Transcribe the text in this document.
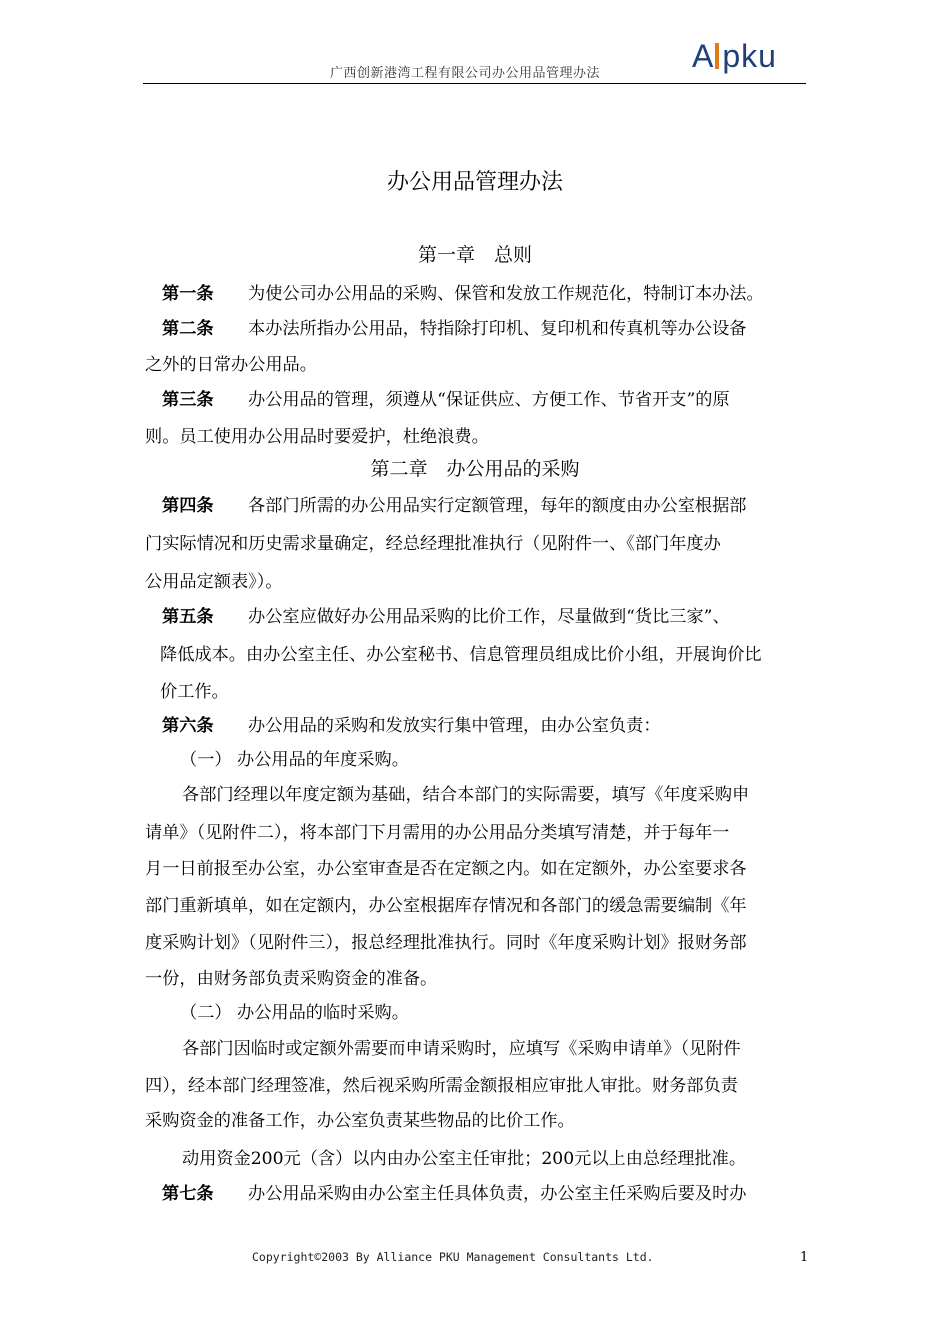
广西创新港湾工程有限公司办公用品管理办法	A pku
办公用品管理办法
第一章　总则
第一条 为使公司办公用品的采购、保管和发放工作规范化，特制订本办法。
第二条 本办法所指办公用品，特指除打印机、复印机和传真机等办公设备
之外的日常办公用品。
第三条 办公用品的管理，须遵从“保证供应、方便工作、节省开支”的原
则。员工使用办公用品时要爱护，杜绝浪费。
第二章　办公用品的采购
第四条 各部门所需的办公用品实行定额管理，每年的额度由办公室根据部
门实际情况和历史需求量确定，经总经理批准执行（见附件一、《部门年度办
公用品定额表》）。
第五条 办公室应做好办公用品采购的比价工作，尽量做到“货比三家”、
降低成本。由办公室主任、办公室秘书、信息管理员组成比价小组，开展询价比
价工作。
第六条 办公用品的采购和发放实行集中管理，由办公室负责：
（一） 办公用品的年度采购。
各部门经理以年度定额为基础，结合本部门的实际需要，填写《年度采购申
请单》（见附件二），将本部门下月需用的办公用品分类填写清楚，并于每年一
月一日前报至办公室，办公室审查是否在定额之内。如在定额外，办公室要求各
部门重新填单，如在定额内，办公室根据库存情况和各部门的缓急需要编制《年
度采购计划》（见附件三），报总经理批准执行。同时《年度采购计划》报财务部
一份，由财务部负责采购资金的准备。
（二） 办公用品的临时采购。
各部门因临时或定额外需要而申请采购时，应填写《采购申请单》（见附件
四），经本部门经理签准，然后视采购所需金额报相应审批人审批。财务部负责
采购资金的准备工作，办公室负责某些物品的比价工作。
动用资金200元（含）以内由办公室主任审批；200元以上由总经理批准。
第七条 办公用品采购由办公室主任具体负责，办公室主任采购后要及时办
Copyright©2003 By Alliance PKU Management Consultants Ltd.	1
